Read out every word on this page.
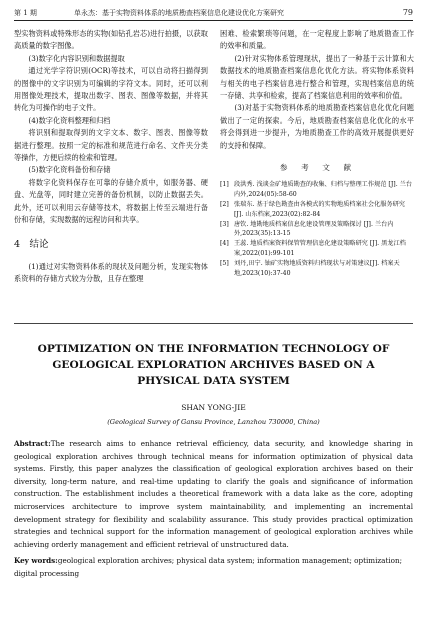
第 1 期	单永杰：基于实物资料体系的地质勘查档案信息化建设优化方案研究	79

型实物资料或特殊形态的实物(如钻孔岩芯)进行拍摄，以获取高质量的数字图像。

(3)数字化内容识别和数据提取

通过光学字符识别(OCR)等技术，可以自动将扫描得到的图像中的文字识别为可编辑的字符文本。同时，还可以利用图像处理技术，提取出数字、图表、图像等数据，并将其转化为可操作的电子文件。

(4)数字化资料整理和归档

将识别和提取得到的文字文本、数字、图表、图像等数据进行整理。按照一定的标准和规范进行命名、文件夹分类等操作，方便后续的检索和管理。

(5)数字化资料备份和存储

将数字化资料保存在可靠的存储介质中，如服务器、硬盘、光盘等，同时建立完善的备份机制，以防止数据丢失。此外，还可以利用云存储等技术，将数据上传至云端进行备份和存储，实现数据的远程访问和共享。

4　结论

(1)通过对实物资料体系的现状及问题分析，发现实物体系资料的存储方式较为分散，且存在整理

困难、检索繁琐等问题，在一定程度上影响了地质勘查工作的效率和质量。

(2)针对实物体系管理现状，提出了一种基于云计算和大数据技术的地质勘查档案信息化优化方法。将实物体系资料与相关的电子档案信息进行整合和管理，实现档案信息的统一存储、共享和检索，提高了档案信息利用的效率和价值。

(3)对基于实物资料体系的地质勘查档案信息化优化问题做出了一定的探索。今后，地质勘查档案信息化优化的水平将会得到进一步提升，为地质勘查工作的高效开展提供更好的支持和保障。

参　考　文　献
[1] 段洪秀. 浅谈金矿地质勘查的收集、归档与整理工作规范 [J]. 兰台内外,2024(05):58-60
[2] 张瑞东. 基于绿色勘查由各模式的实物地质档案社会化服务研究[J]. 山东档案,2023(02):82-84
[3] 唐钦. 地勘地质档案信息化建设管理及策略探讨 [J]. 兰台内外,2023(35):13-15
[4] 王蕊. 地质档案资料保管管理信息化建设策略研究 [J]. 黑龙江档案,2022(01):99-101
[5] 刘丹,田宁. 铀矿实物地质资料归档现状与对策建议[J]. 档案天地,2023(10):37-40
OPTIMIZATION ON THE INFORMATION TECHNOLOGY OF GEOLOGICAL EXPLORATION ARCHIVES BASED ON A PHYSICAL DATA SYSTEM
SHAN YONG-JIE
(Geological Survey of Gansu Province, Lanzhou 730000, China)
Abstract:The research aims to enhance retrieval efficiency, data security, and knowledge sharing in geological exploration archives through technical means for information optimization of physical data systems. Firstly, this paper analyzes the classification of geological exploration archives based on their diversity, long-term nature, and real-time updating to clarify the goals and significance of information construction. The establishment includes a theoretical framework with a data lake as the core, adopting microservices architecture to improve system maintainability, and implementing an incremental development strategy for flexibility and scalability assurance. This study provides practical optimization strategies and technical support for the information management of geological exploration archives while achieving orderly management and efficient retrieval of unstructured data.
Key words:geological exploration archives; physical data system; information management; optimization; digital processing
